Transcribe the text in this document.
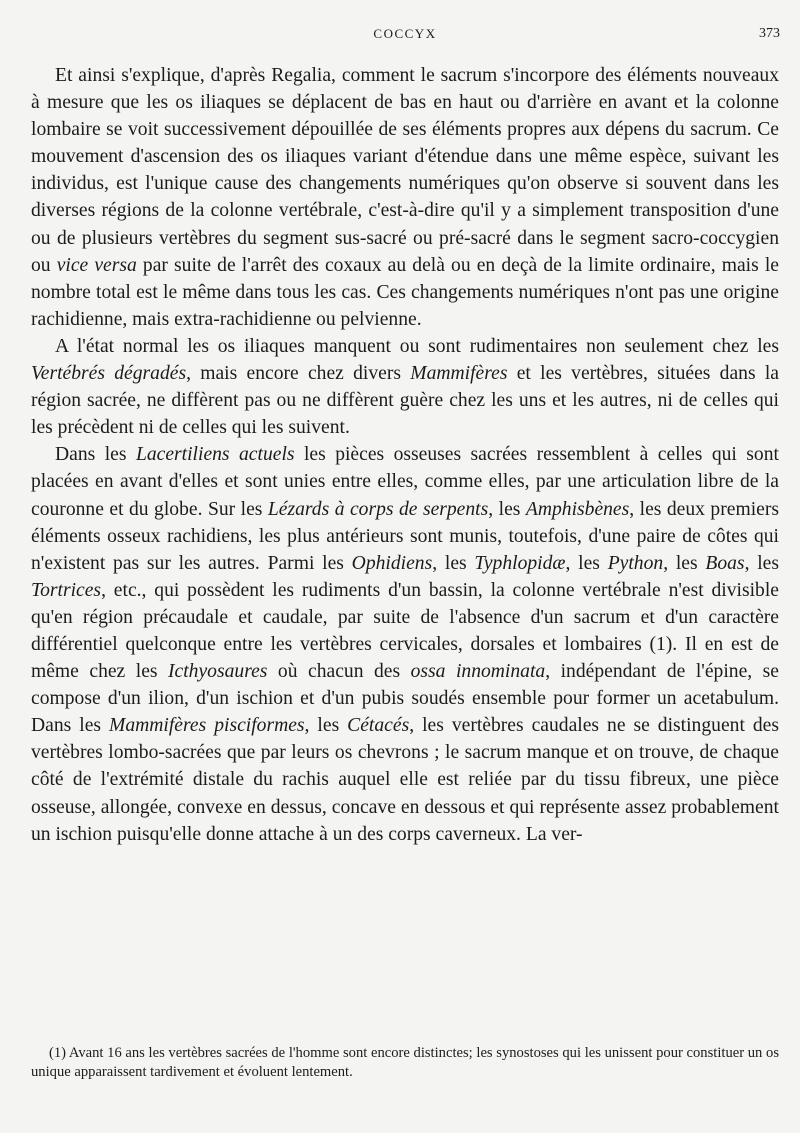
COCCYX	373

Et ainsi s'explique, d'après Regalia, comment le sacrum s'incorpore des éléments nouveaux à mesure que les os iliaques se déplacent de bas en haut ou d'arrière en avant et la colonne lombaire se voit successivement dépouillée de ses éléments propres aux dépens du sacrum. Ce mouvement d'ascension des os iliaques variant d'étendue dans une même espèce, suivant les individus, est l'unique cause des changements numériques qu'on observe si souvent dans les diverses régions de la colonne vertébrale, c'est-à-dire qu'il y a simplement transposition d'une ou de plusieurs vertèbres du segment sus-sacré ou pré-sacré dans le segment sacro-coccygien ou vice versa par suite de l'arrêt des coxaux au delà ou en deçà de la limite ordinaire, mais le nombre total est le même dans tous les cas. Ces changements numériques n'ont pas une origine rachidienne, mais extra-rachidienne ou pelvienne.

A l'état normal les os iliaques manquent ou sont rudimentaires non seulement chez les Vertébrés dégradés, mais encore chez divers Mammifères et les vertèbres, situées dans la région sacrée, ne diffèrent pas ou ne diffèrent guère chez les uns et les autres, ni de celles qui les précèdent ni de celles qui les suivent.

Dans les Lacertiliens actuels les pièces osseuses sacrées ressemblent à celles qui sont placées en avant d'elles et sont unies entre elles, comme elles, par une articulation libre de la couronne et du globe. Sur les Lézards à corps de serpents, les Amphisbènes, les deux premiers éléments osseux rachidiens, les plus antérieurs sont munis, toutefois, d'une paire de côtes qui n'existent pas sur les autres. Parmi les Ophidiens, les Typhlopidæ, les Python, les Boas, les Tortrices, etc., qui possèdent les rudiments d'un bassin, la colonne vertébrale n'est divisible qu'en région précaudale et caudale, par suite de l'absence d'un sacrum et d'un caractère différentiel quelconque entre les vertèbres cervicales, dorsales et lombaires (1). Il en est de même chez les Icthyosaures où chacun des ossa innominata, indépendant de l'épine, se compose d'un ilion, d'un ischion et d'un pubis soudés ensemble pour former un acetabulum. Dans les Mammifères pisciformes, les Cétacés, les vertèbres caudales ne se distinguent des vertèbres lombo-sacrées que par leurs os chevrons ; le sacrum manque et on trouve, de chaque côté de l'extrémité distale du rachis auquel elle est reliée par du tissu fibreux, une pièce osseuse, allongée, convexe en dessus, concave en dessous et qui représente assez probablement un ischion puisqu'elle donne attache à un des corps caverneux. La ver-

(1) Avant 16 ans les vertèbres sacrées de l'homme sont encore distinctes; les synostoses qui les unissent pour constituer un os unique apparaissent tardivement et évoluent lentement.
